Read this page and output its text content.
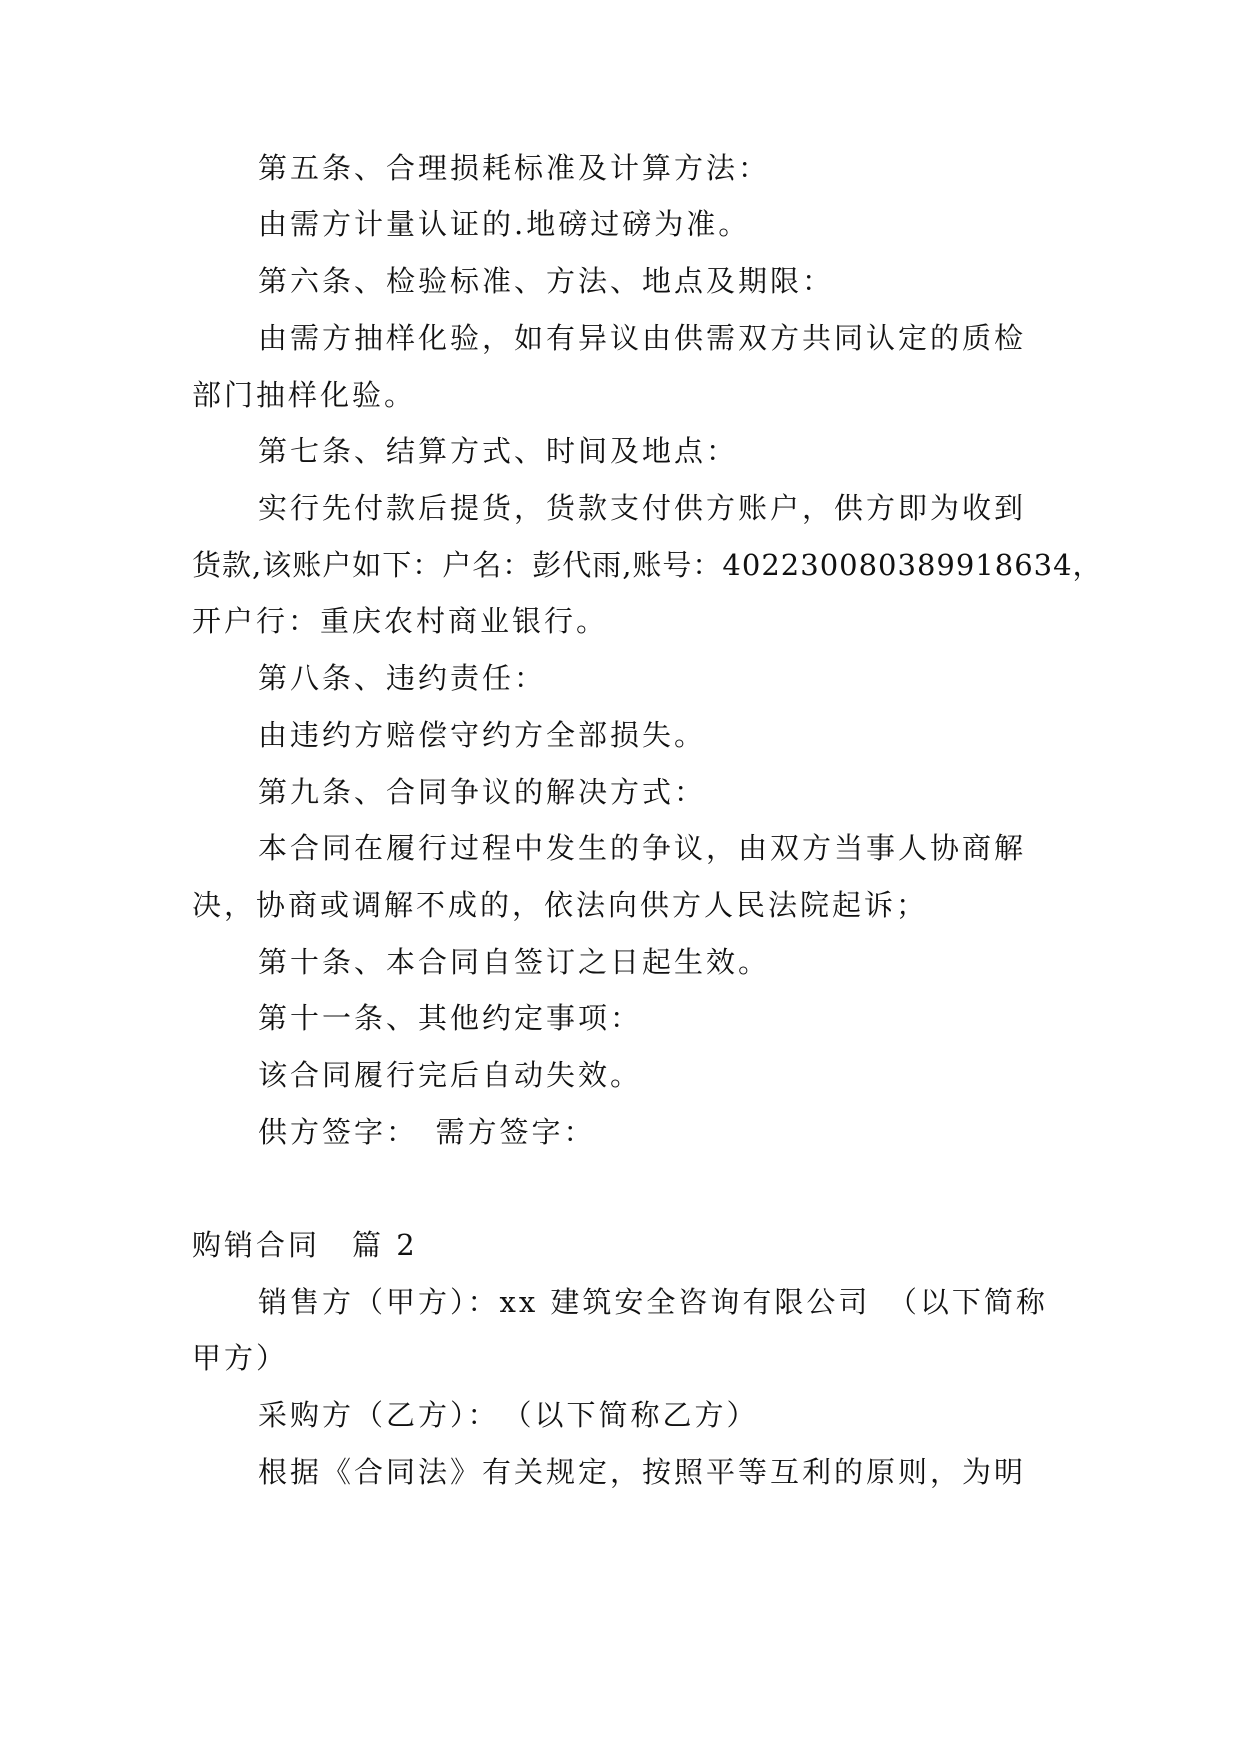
第五条、合理损耗标准及计算方法：
由需方计量认证的.地磅过磅为准。
第六条、检验标准、方法、地点及期限：
由需方抽样化验，如有异议由供需双方共同认定的质检
部门抽样化验。
第七条、结算方式、时间及地点：
实行先付款后提货，货款支付供方账户，供方即为收到
货款,该账户如下：户名：彭代雨,账号：402230080389918634，
开户行：重庆农村商业银行。
第八条、违约责任：
由违约方赔偿守约方全部损失。
第九条、合同争议的解决方式：
本合同在履行过程中发生的争议，由双方当事人协商解
决，协商或调解不成的，依法向供方人民法院起诉；
第十条、本合同自签订之日起生效。
第十一条、其他约定事项：
该合同履行完后自动失效。
供方签字：　需方签字：
购销合同　篇 2
销售方（甲方）：xx 建筑安全咨询有限公司　（以下简称
甲方）
采购方（乙方）：　（以下简称乙方）
根据《合同法》有关规定，按照平等互利的原则，为明
